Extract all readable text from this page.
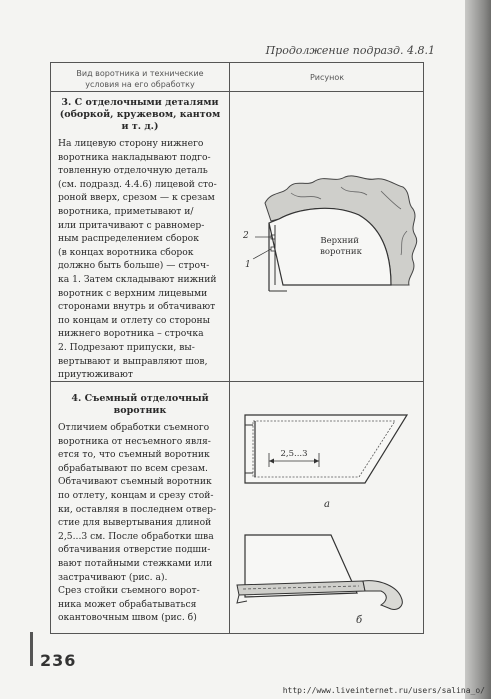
Продолжение подразд. 4.8.1
Вид воротника и технические
условия на его обработку
Рисунок
3. С отделочными деталями
(оборкой, кружевом, кантом
и т. д.)
На лицевую сторону нижнего
воротника накладывают подго-
товленную отделочную деталь
(см. подразд. 4.4.6) лицевой сто-
роной вверх, срезом — к срезам
воротника, приметывают и/
или притачивают с равномер-
ным распределением сборок
(в концах воротника сборок
должно быть больше) — строч-
ка 1. Затем складывают нижний
воротник с верхним лицевыми
сторонами внутрь и обтачивают
по концам и отлету со стороны
нижнего воротника – строчка
2. Подрезают припуски, вы-
вертывают и выправляют шов,
приутюживают
2
1
Верхний воротник
4. Съемный отделочный
воротник
Отличием обработки съемного
воротника от несъемного явля-
ется то, что съемный воротник
обрабатывают по всем срезам.
Обтачивают съемный воротник
по отлету, концам и срезу стой-
ки, оставляя в последнем отвер-
стие для вывертывания длиной
2,5...3 см. После обработки шва
обтачивания отверстие подши-
вают потайными стежками или
застрачивают (рис. а).
Срез стойки съемного ворот-
ника может обрабатываться
окантовочным швом (рис. б)
2,5...3
а
б
236
http://www.liveinternet.ru/users/salina_o/
